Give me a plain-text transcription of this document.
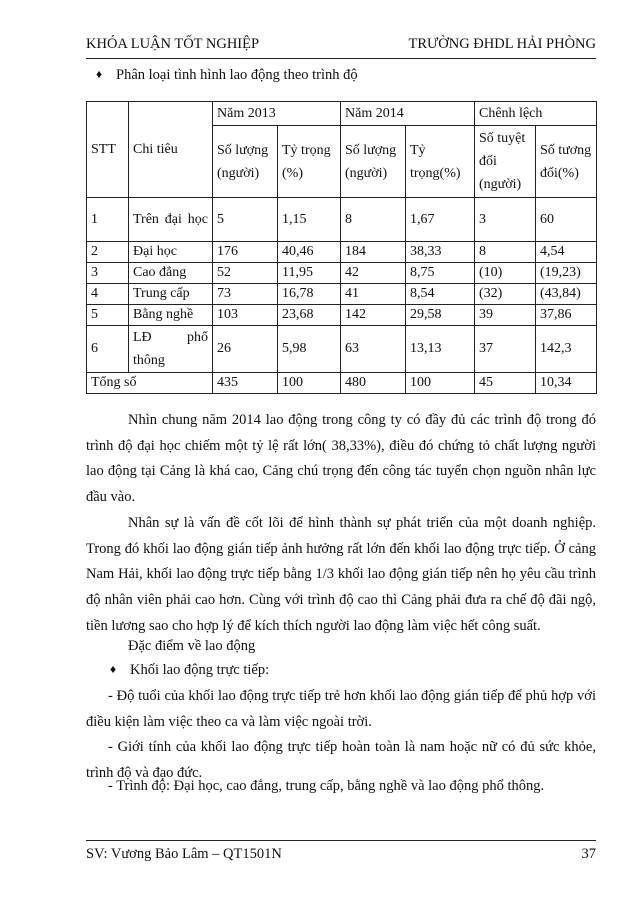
KHÓA LUẬN TỐT NGHIỆP	TRƯỜNG ĐHDL HẢI PHÒNG
♦ Phân loại tình hình lao động theo trình độ
STT	Chi tiêu	Năm 2013		Năm 2014		Chênh lệch	
		Số lượng (người)	Tỷ trọng (%)	Số lượng (người)	Tỷ trọng(%)	Số tuyệt đối (người)	Số tương đối(%)
1	Trên đại học	5	1,15	8	1,67	3	60
2	Đại học	176	40,46	184	38,33	8	4,54
3	Cao đẳng	52	11,95	42	8,75	(10)	(19,23)
4	Trung cấp	73	16,78	41	8,54	(32)	(43,84)
5	Bằng nghề	103	23,68	142	29,58	39	37,86
6	LĐ phổ thông	26	5,98	63	13,13	37	142,3
Tổng số		435	100	480	100	45	10,34
Nhìn chung năm 2014 lao động trong công ty có đầy đủ các trình độ trong đó trình độ đại học chiếm một tỷ lệ rất lớn( 38,33%), điều đó chứng tỏ chất lượng người lao động tại Cảng là khá cao, Cảng chú trọng đến công tác tuyển chọn nguồn nhân lực đầu vào.
Nhân sự là vấn đề cốt lõi để hình thành sự phát triển của một doanh nghiệp. Trong đó khối lao động gián tiếp ảnh hưởng rất lớn đến khối lao động trực tiếp. Ở cảng Nam Hải, khối lao động trực tiếp bằng 1/3 khối lao động gián tiếp nên họ yêu cầu trình độ nhân viên phải cao hơn. Cùng với trình độ cao thì Cảng phải đưa ra chế độ đãi ngộ, tiền lương sao cho hợp lý để kích thích người lao động làm việc hết công suất.
Đặc điểm về lao động
♦ Khối lao động trực tiếp:
- Độ tuổi của khối lao động trực tiếp trẻ hơn khối lao động gián tiếp để phủ hợp với điều kiện làm việc theo ca và làm việc ngoài trời.
- Giới tính của khối lao động trực tiếp hoàn toàn là nam hoặc nữ có đủ sức khỏe, trình độ và đạo đức.
- Trình độ: Đại học, cao đẳng, trung cấp, bằng nghề và lao động phổ thông.
SV: Vương Bảo Lâm – QT1501N	37
